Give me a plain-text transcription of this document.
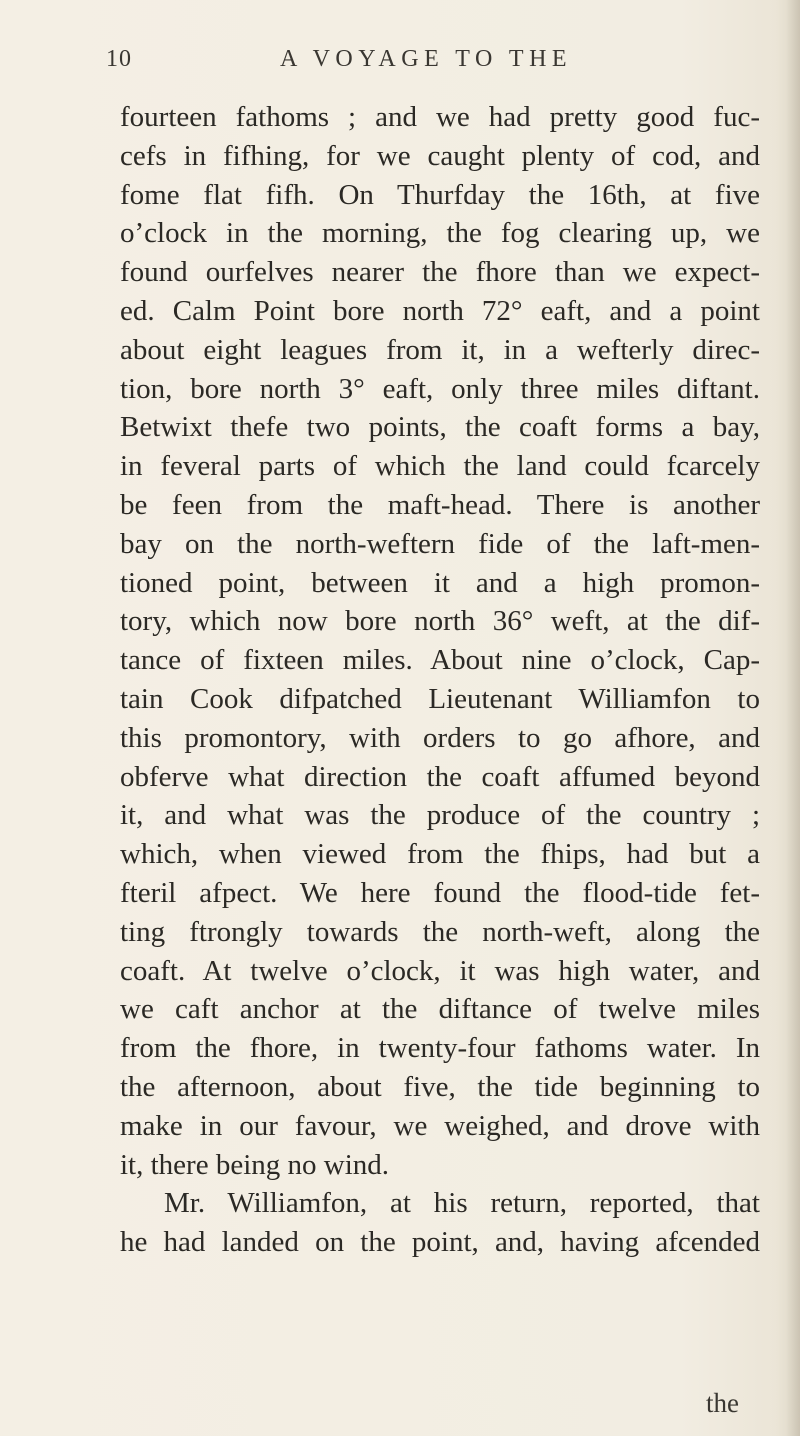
10	A VOYAGE TO THE
fourteen fathoms ; and we had pretty good fuc-
cefs in fifhing, for we caught plenty of cod, and
fome flat fifh. On Thurfday the 16th, at five
o’clock in the morning, the fog clearing up, we
found ourfelves nearer the fhore than we expect-
ed. Calm Point bore north 72° eaft, and a point
about eight leagues from it, in a wefterly direc-
tion, bore north 3° eaft, only three miles diftant.
Betwixt thefe two points, the coaft forms a bay,
in feveral parts of which the land could fcarcely
be feen from the maft-head. There is another
bay on the north-weftern fide of the laft-men-
tioned point, between it and a high promon-
tory, which now bore north 36° weft, at the dif-
tance of fixteen miles. About nine o’clock, Cap-
tain Cook difpatched Lieutenant Williamfon to
this promontory, with orders to go afhore, and
obferve what direction the coaft affumed beyond
it, and what was the produce of the country ;
which, when viewed from the fhips, had but a
fteril afpect. We here found the flood-tide fet-
ting ftrongly towards the north-weft, along the
coaft. At twelve o’clock, it was high water, and
we caft anchor at the diftance of twelve miles
from the fhore, in twenty-four fathoms water. In
the afternoon, about five, the tide beginning to
make in our favour, we weighed, and drove with
it, there being no wind.
Mr. Williamfon, at his return, reported, that
he had landed on the point, and, having afcended
the
